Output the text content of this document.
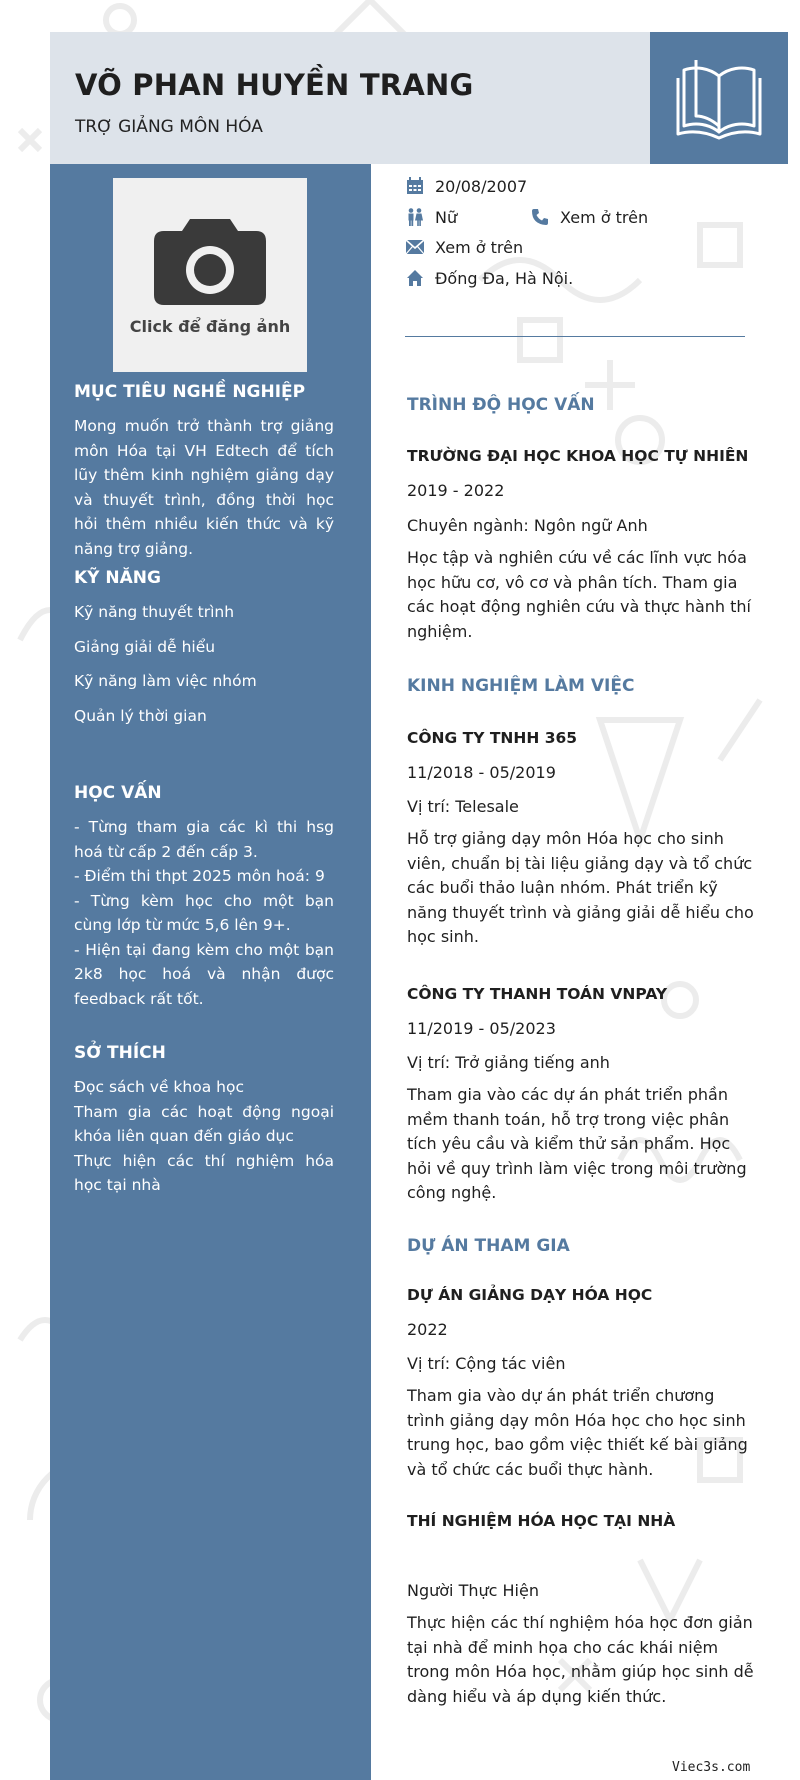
VÕ PHAN HUYỀN TRANG
TRỢ GIẢNG MÔN HÓA
Click để đăng ảnh
MỤC TIÊU NGHỀ NGHIỆP

Mong muốn trở thành trợ giảng môn Hóa tại VH Edtech để tích lũy thêm kinh nghiệm giảng dạy và thuyết trình, đồng thời học hỏi thêm nhiều kiến thức và kỹ năng trợ giảng.

KỸ NĂNG
Kỹ năng thuyết trình
Giảng giải dễ hiểu
Kỹ năng làm việc nhóm
Quản lý thời gian
HỌC VẤN

- Từng tham gia các kì thi hsg hoá từ cấp 2 đến cấp 3.

- Điểm thi thpt 2025 môn hoá: 9

- Từng kèm học cho một bạn cùng lớp từ mức 5,6 lên 9+.

- Hiện tại đang kèm cho một bạn 2k8 học hoá và nhận được feedback rất tốt.

SỞ THÍCH

Đọc sách về khoa học

Tham gia các hoạt động ngoại khóa liên quan đến giáo dục

Thực hiện các thí nghiệm hóa học tại nhà

20/08/2007
Nữ	Xem ở trên
Xem ở trên
Đống Đa, Hà Nội.
TRÌNH ĐỘ HỌC VẤN
TRƯỜNG ĐẠI HỌC KHOA HỌC TỰ NHIÊN
2019 - 2022
Chuyên ngành: Ngôn ngữ Anh

Học tập và nghiên cứu về các lĩnh vực hóa học hữu cơ, vô cơ và phân tích. Tham gia các hoạt động nghiên cứu và thực hành thí nghiệm.

KINH NGHIỆM LÀM VIỆC
CÔNG TY TNHH 365
11/2018 - 05/2019
Vị trí: Telesale

Hỗ trợ giảng dạy môn Hóa học cho sinh viên, chuẩn bị tài liệu giảng dạy và tổ chức các buổi thảo luận nhóm. Phát triển kỹ năng thuyết trình và giảng giải dễ hiểu cho học sinh.

CÔNG TY THANH TOÁN VNPAY
11/2019 - 05/2023
Vị trí: Trở giảng tiếng anh

Tham gia vào các dự án phát triển phần mềm thanh toán, hỗ trợ trong việc phân tích yêu cầu và kiểm thử sản phẩm. Học hỏi về quy trình làm việc trong môi trường công nghệ.

DỰ ÁN THAM GIA
DỰ ÁN GIẢNG DẠY HÓA HỌC
2022
Vị trí: Cộng tác viên

Tham gia vào dự án phát triển chương trình giảng dạy môn Hóa học cho học sinh trung học, bao gồm việc thiết kế bài giảng và tổ chức các buổi thực hành.

THÍ NGHIỆM HÓA HỌC TẠI NHÀ
Người Thực Hiện

Thực hiện các thí nghiệm hóa học đơn giản tại nhà để minh họa cho các khái niệm trong môn Hóa học, nhằm giúp học sinh dễ dàng hiểu và áp dụng kiến thức.

Viec3s.com
